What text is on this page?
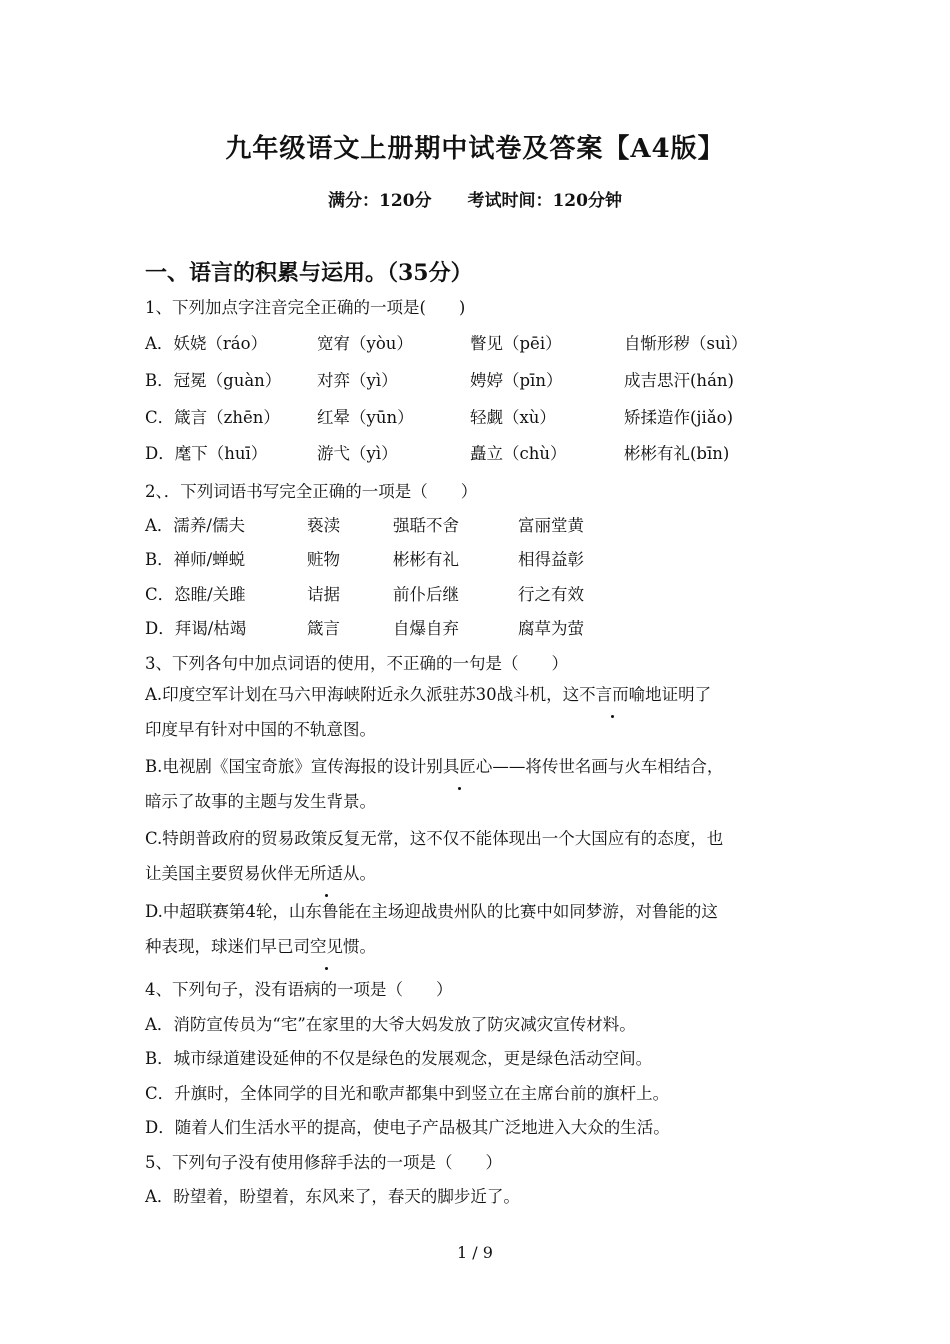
九年级语文上册期中试卷及答案【A4版】
满分：120分 考试时间：120分钟
一、语言的积累与运用。（35分）
1、下列加点字注音完全正确的一项是(　　)
A．妖娆（ráo）	宽宥（yòu）	瞥见（pēi）	自惭形秽（suì）
B．冠冕（guàn） 对弈（yì）	娉婷（pīn）	成吉思汗(hán)
C．箴言（zhēn） 红晕（yūn）	轻觑（xù）	矫揉造作(jiǎo)
D．麾下（huī）	游弋（yì）	矗立（chù）	彬彬有礼(bīn)
2、．下列词语书写完全正确的一项是（　　）
A．濡养/儒夫	亵渎	强聒不舍	富丽堂黄
B．禅师/蝉蜕	赃物	彬彬有礼	相得益彰
C．恣睢/关雎	诘据	前仆后继	行之有效
D．拜谒/枯竭	箴言	自爆自弃	腐草为萤
3、下列各句中加点词语的使用，不正确的一句是（　　）
A.印度空军计划在马六甲海峡附近永久派驻苏30战斗机，这不言而喻地证明了
印度早有针对中国的不轨意图。
B.电视剧《国宝奇旅》宣传海报的设计别具匠心——将传世名画与火车相结合，
暗示了故事的主题与发生背景。
C.特朗普政府的贸易政策反复无常，这不仅不能体现出一个大国应有的态度，也
让美国主要贸易伙伴无所适从。
D.中超联赛第4轮，山东鲁能在主场迎战贵州队的比赛中如同梦游，对鲁能的这
种表现，球迷们早已司空见惯。
4、下列句子，没有语病的一项是（　　）
A．消防宣传员为“宅”在家里的大爷大妈发放了防灾减灾宣传材料。
B．城市绿道建设延伸的不仅是绿色的发展观念，更是绿色活动空间。
C．升旗时，全体同学的目光和歌声都集中到竖立在主席台前的旗杆上。
D．随着人们生活水平的提高，使电子产品极其广泛地进入大众的生活。
5、下列句子没有使用修辞手法的一项是（　　）
A．盼望着，盼望着，东风来了，春天的脚步近了。
1 / 9
